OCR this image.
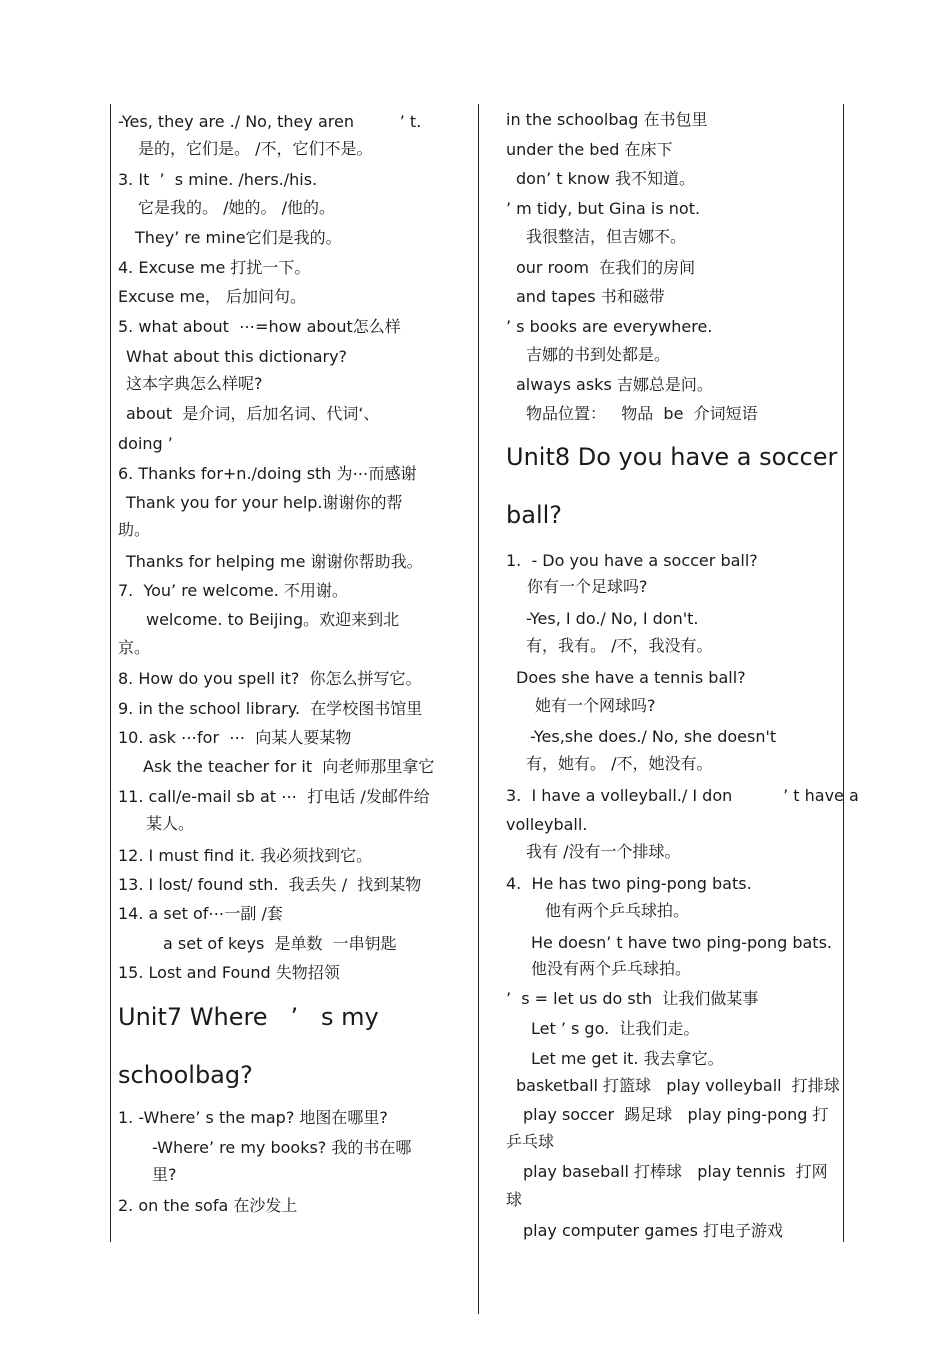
-Yes, they are ./ No, they aren         ’ t.
是的，它们是。 /不，它们不是。
3. It  ’  s mine. /hers./his.
它是我的。 /她的。 /他的。
They’ re mine它们是我的。
4. Excuse me 打扰一下。
Excuse me， 后加问句。
5. what about  ⋯=how about怎么样
What about this dictionary?
这本字典怎么样呢?
about  是介词，后加名词、代词‘、
doing ’
6. Thanks for+n./doing sth 为⋯而感谢
Thank you for your help.谢谢你的帮
助。
Thanks for helping me 谢谢你帮助我。
7.  You’ re welcome. 不用谢。
welcome. to Beijing。欢迎来到北
京。
8. How do you spell it?  你怎么拼写它。
9. in the school library.  在学校图书馆里
10. ask ⋯for  ⋯  向某人要某物
Ask the teacher for it  向老师那里拿它
11. call/e-mail sb at ⋯  打电话 /发邮件给
某人。
12. I must find it. 我必须找到它。
13. I lost/ found sth.  我丢失 /  找到某物
14. a set of⋯一副 /套
a set of keys  是单数  一串钥匙
15. Lost and Found 失物招领
Unit7 Where   ’   s my
schoolbag?
1. -Where’ s the map? 地图在哪里?
-Where’ re my books? 我的书在哪
里?
2. on the sofa 在沙发上
in the schoolbag 在书包里
under the bed 在床下
don’ t know 我不知道。
’ m tidy, but Gina is not.
我很整洁，但吉娜不。
our room  在我们的房间
and tapes 书和磁带
’ s books are everywhere.
吉娜的书到处都是。
always asks 吉娜总是问。
物品位置：   物品  be  介词短语
Unit8 Do you have a soccer
ball?
1.  - Do you have a soccer ball?
你有一个足球吗?
-Yes, I do./ No, I don't.
有，我有。 /不，我没有。
Does she have a tennis ball?
她有一个网球吗?
-Yes,she does./ No, she doesn't
有，她有。 /不，她没有。
3.  I have a volleyball./ I don          ’ t have a
volleyball.
我有 /没有一个排球。
4.  He has two ping-pong bats.
他有两个乒乓球拍。
He doesn’ t have two ping-pong bats.
他没有两个乒乓球拍。
’  s = let us do sth  让我们做某事
Let ’ s go.  让我们走。
Let me get it. 我去拿它。
basketball 打篮球   play volleyball  打排球
play soccer  踢足球   play ping-pong 打
乒乓球
play baseball 打棒球   play tennis  打网
球
play computer games 打电子游戏
